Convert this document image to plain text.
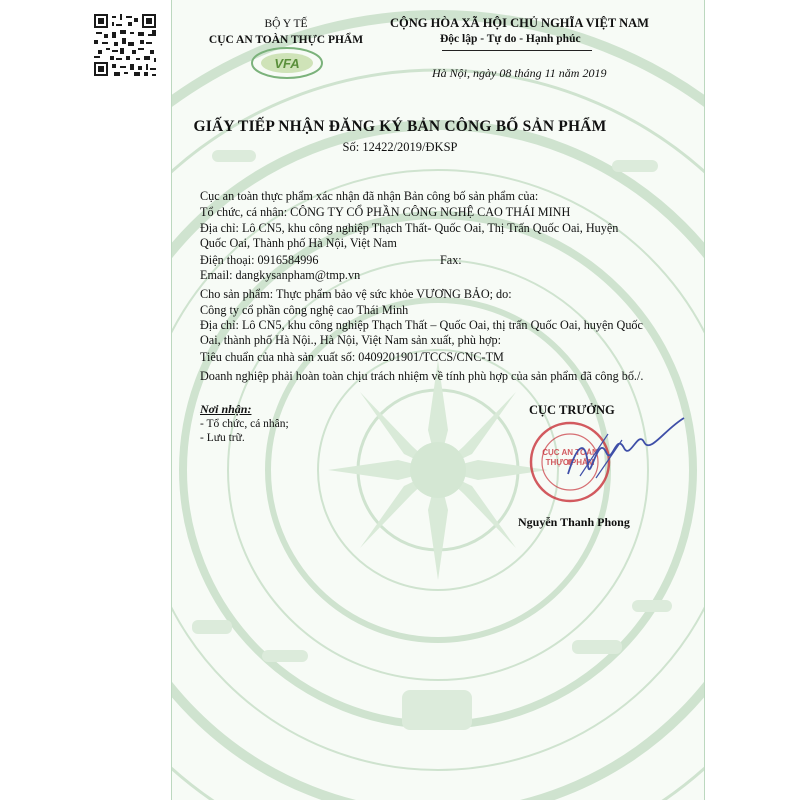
BỘ Y TẾ
CỤC AN TOÀN THỰC PHẨM
VFA
CỘNG HÒA XÃ HỘI CHỦ NGHĨA VIỆT NAM
Độc lập - Tự do - Hạnh phúc
Hà Nội, ngày 08 tháng 11 năm 2019
GIẤY TIẾP NHẬN ĐĂNG KÝ BẢN CÔNG BỐ SẢN PHẨM
Số: 12422/2019/ĐKSP
Cục an toàn thực phẩm xác nhận đã nhận Bản công bố sản phẩm của:
Tổ chức, cá nhân: CÔNG TY CỔ PHẦN CÔNG NGHỆ CAO THÁI MINH
Địa chỉ: Lô CN5, khu công nghiệp Thạch Thất- Quốc Oai, Thị Trấn Quốc Oai, Huyện
Quốc Oai, Thành phố Hà Nội, Việt Nam
Điện thoại: 0916584996	Fax:
Email: dangkysanpham@tmp.vn
Cho sản phẩm: Thực phẩm bảo vệ sức khỏe VƯƠNG BẢO; do:
Công ty cổ phần công nghệ cao Thái Minh
Địa chỉ: Lô CN5, khu công nghiệp Thạch Thất – Quốc Oai, thị trấn Quốc Oai, huyện Quốc
Oai, thành phố Hà Nội., Hà Nội, Việt Nam sản xuất, phù hợp:
Tiêu chuẩn của nhà sản xuất số: 0409201901/TCCS/CNC-TM
Doanh nghiệp phải hoàn toàn chịu trách nhiệm về tính phù hợp của sản phẩm đã công bố./.
Nơi nhận:
- Tổ chức, cá nhân;
- Lưu trữ.
CỤC TRƯỞNG
CỤC AN TOÀN THỰC PHẨM
Nguyễn Thanh Phong
